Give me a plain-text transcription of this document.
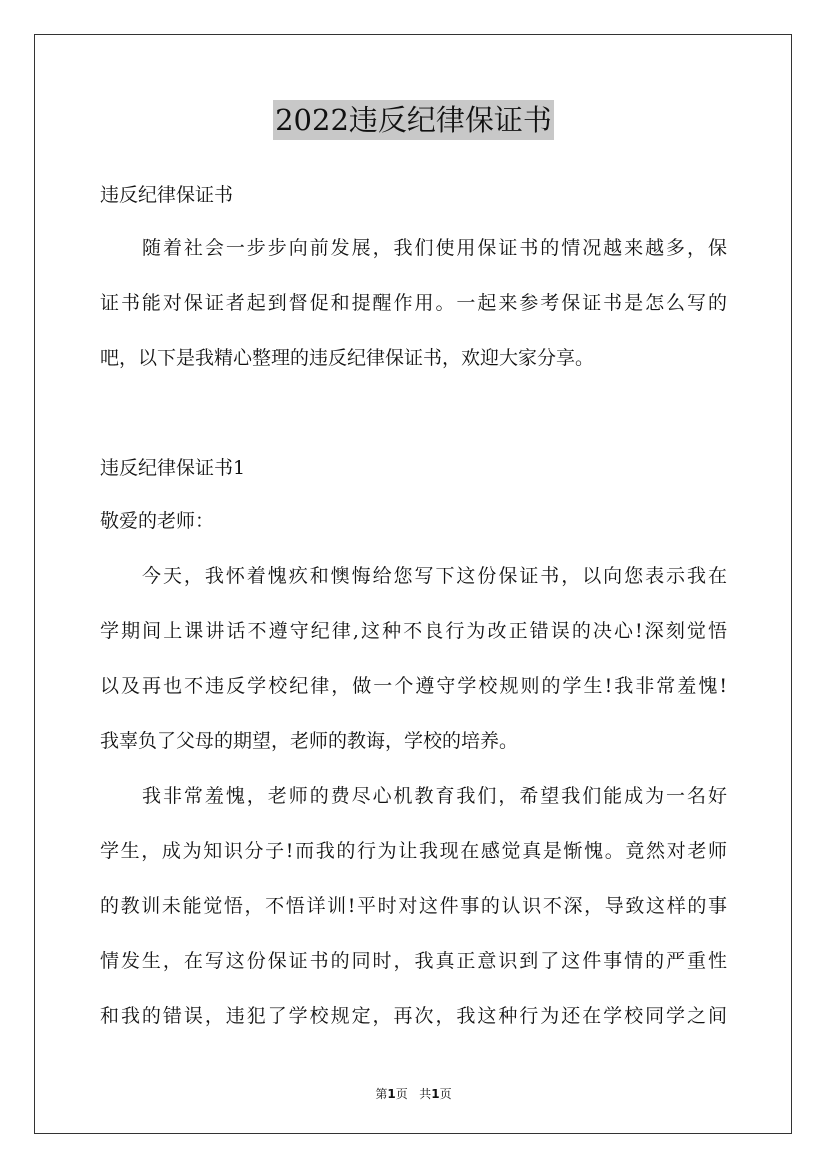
2022违反纪律保证书
违反纪律保证书
随着社会一步步向前发展，我们使用保证书的情况越来越多，保
证书能对保证者起到督促和提醒作用。一起来参考保证书是怎么写的
吧，以下是我精心整理的违反纪律保证书，欢迎大家分享。
违反纪律保证书1
敬爱的老师：
今天，我怀着愧疚和懊悔给您写下这份保证书，以向您表示我在
学期间上课讲话不遵守纪律,这种不良行为改正错误的决心!深刻觉悟
以及再也不违反学校纪律，做一个遵守学校规则的学生!我非常羞愧!
我辜负了父母的期望，老师的教诲，学校的培养。
我非常羞愧，老师的费尽心机教育我们，希望我们能成为一名好
学生，成为知识分子!而我的行为让我现在感觉真是惭愧。竟然对老师
的教训未能觉悟，不悟详训!平时对这件事的认识不深，导致这样的事
情发生，在写这份保证书的同时，我真正意识到了这件事情的严重性
和我的错误，违犯了学校规定，再次，我这种行为还在学校同学之间
第1页 共1页
